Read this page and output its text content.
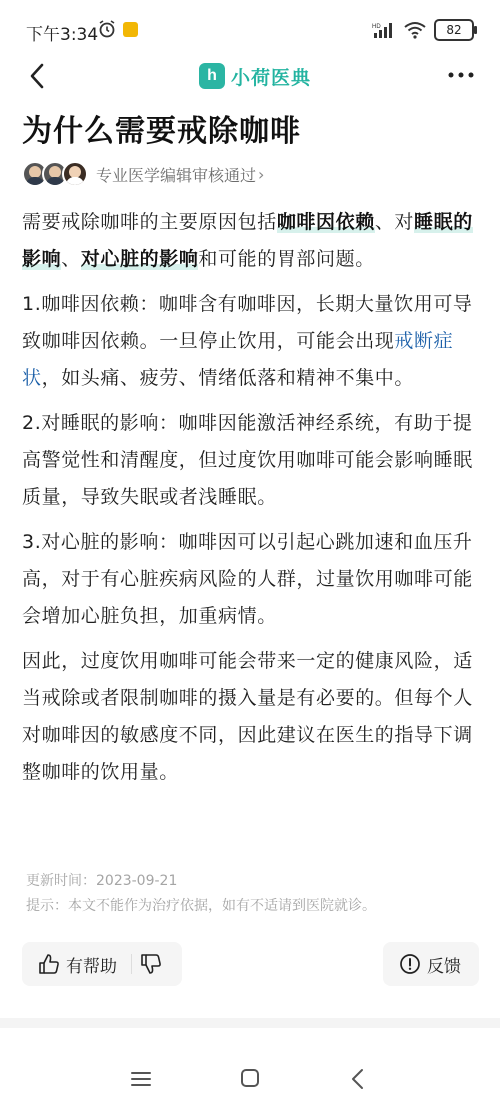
下午3:34	HD	82
h 小荷医典
为什么需要戒除咖啡
专业医学编辑审核通过 ›

需要戒除咖啡的主要原因包括咖啡因依赖、对睡眠的影响、对心脏的影响和可能的胃部问题。

1.咖啡因依赖：咖啡含有咖啡因，长期大量饮用可导致咖啡因依赖。一旦停止饮用，可能会出现戒断症状，如头痛、疲劳、情绪低落和精神不集中。

2.对睡眠的影响：咖啡因能激活神经系统，有助于提高警觉性和清醒度，但过度饮用咖啡可能会影响睡眠质量，导致失眠或者浅睡眠。

3.对心脏的影响：咖啡因可以引起心跳加速和血压升高，对于有心脏疾病风险的人群，过量饮用咖啡可能会增加心脏负担，加重病情。

因此，过度饮用咖啡可能会带来一定的健康风险，适当戒除或者限制咖啡的摄入量是有必要的。但每个人对咖啡因的敏感度不同，因此建议在医生的指导下调整咖啡的饮用量。

更新时间：2023-09-21
提示：本文不能作为治疗依据，如有不适请到医院就诊。
有帮助	反馈
